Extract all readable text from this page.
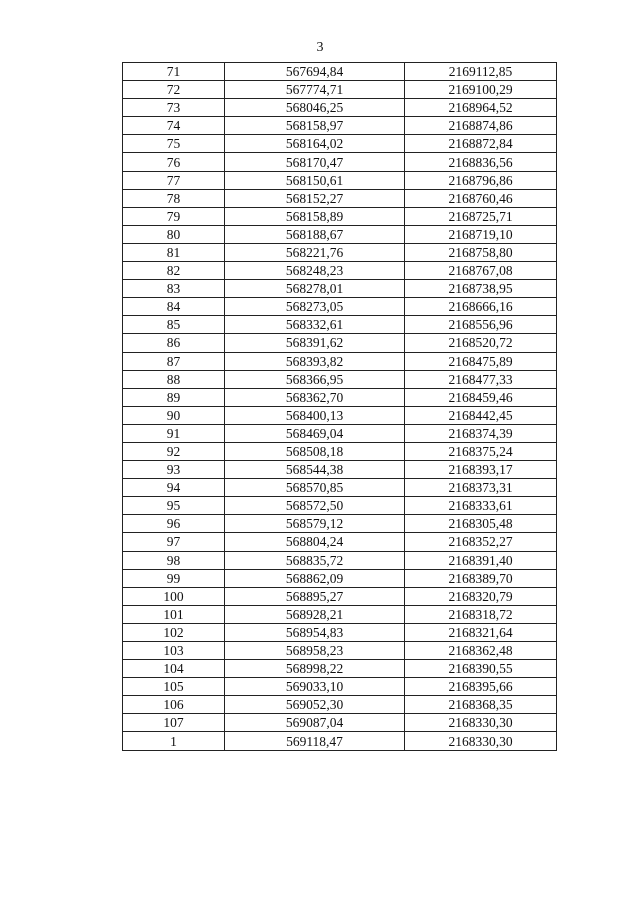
3
71	567694,84	2169112,85
72	567774,71	2169100,29
73	568046,25	2168964,52
74	568158,97	2168874,86
75	568164,02	2168872,84
76	568170,47	2168836,56
77	568150,61	2168796,86
78	568152,27	2168760,46
79	568158,89	2168725,71
80	568188,67	2168719,10
81	568221,76	2168758,80
82	568248,23	2168767,08
83	568278,01	2168738,95
84	568273,05	2168666,16
85	568332,61	2168556,96
86	568391,62	2168520,72
87	568393,82	2168475,89
88	568366,95	2168477,33
89	568362,70	2168459,46
90	568400,13	2168442,45
91	568469,04	2168374,39
92	568508,18	2168375,24
93	568544,38	2168393,17
94	568570,85	2168373,31
95	568572,50	2168333,61
96	568579,12	2168305,48
97	568804,24	2168352,27
98	568835,72	2168391,40
99	568862,09	2168389,70
100	568895,27	2168320,79
101	568928,21	2168318,72
102	568954,83	2168321,64
103	568958,23	2168362,48
104	568998,22	2168390,55
105	569033,10	2168395,66
106	569052,30	2168368,35
107	569087,04	2168330,30
1	569118,47	2168330,30
